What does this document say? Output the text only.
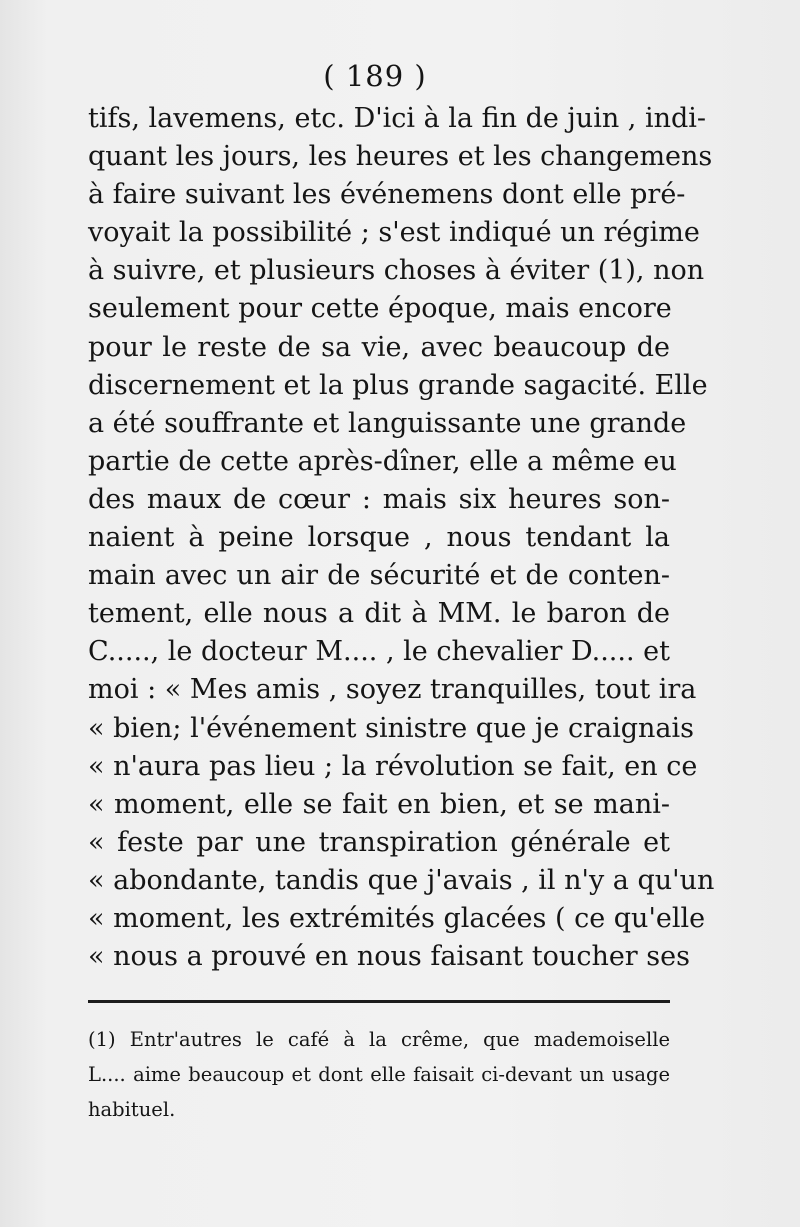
( 189 )
tifs, lavemens, etc. D'ici à la fin de juin , indi-
quant les jours, les heures et les changemens
à faire suivant les événemens dont elle pré-
voyait la possibilité ; s'est indiqué un régime
à suivre, et plusieurs choses à éviter (1), non
seulement pour cette époque, mais encore
pour le reste de sa vie, avec beaucoup de
discernement et la plus grande sagacité. Elle
a été souffrante et languissante une grande
partie de cette après-dîner, elle a même eu
des maux de cœur : mais six heures son-
naient à peine lorsque , nous tendant la
main avec un air de sécurité et de conten-
tement, elle nous a dit à MM. le baron de
C....., le docteur M.... , le chevalier D..... et
moi : « Mes amis , soyez tranquilles, tout ira
« bien; l'événement sinistre que je craignais
« n'aura pas lieu ; la révolution se fait, en ce
« moment, elle se fait en bien, et se mani-
« feste par une transpiration générale et
« abondante, tandis que j'avais , il n'y a qu'un
« moment, les extrémités glacées ( ce qu'elle
« nous a prouvé en nous faisant toucher ses
(1) Entr'autres le café à la crême, que mademoiselle
L.... aime beaucoup et dont elle faisait ci-devant un usage
habituel.
